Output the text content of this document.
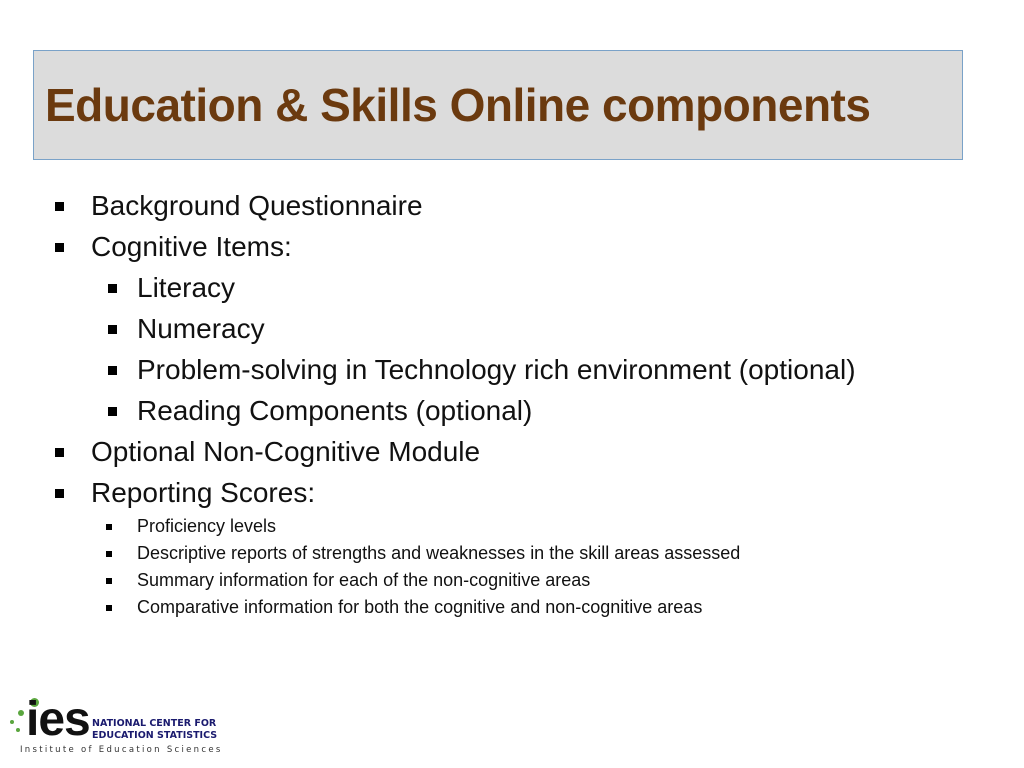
Education & Skills Online components
Background Questionnaire
Cognitive Items:
Literacy
Numeracy
Problem-solving in Technology rich environment (optional)
Reading Components (optional)
Optional Non-Cognitive Module
Reporting Scores:
Proficiency levels
Descriptive reports of strengths and weaknesses in the skill areas assessed
Summary information for each of the non-cognitive areas
Comparative information for both the cognitive and non-cognitive areas
ies NATIONAL CENTER FOR
EDUCATION STATISTICS
Institute of Education Sciences
